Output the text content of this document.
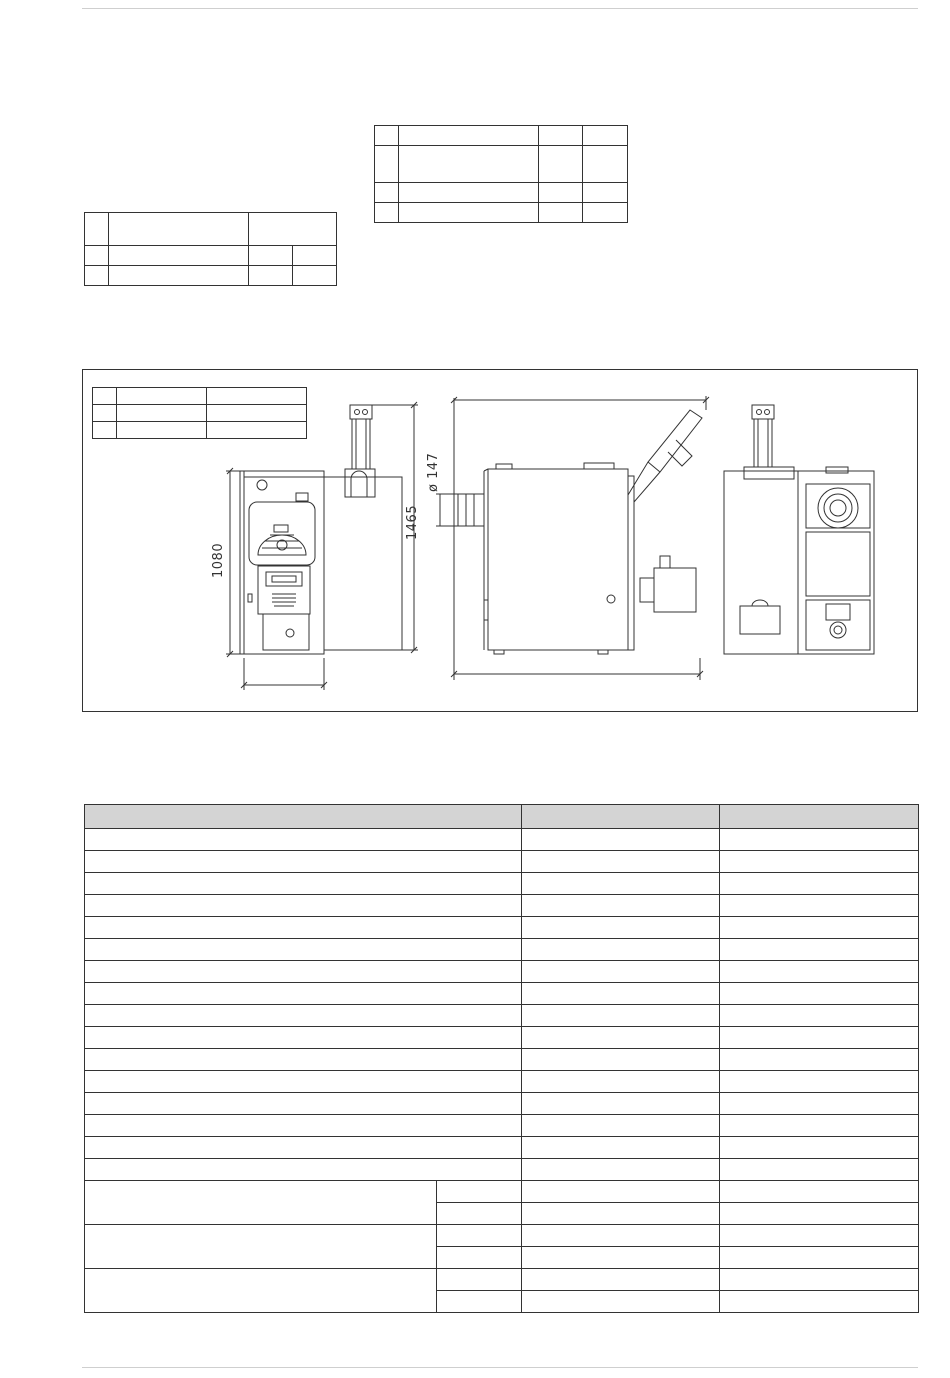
1465
1080
ø 147
